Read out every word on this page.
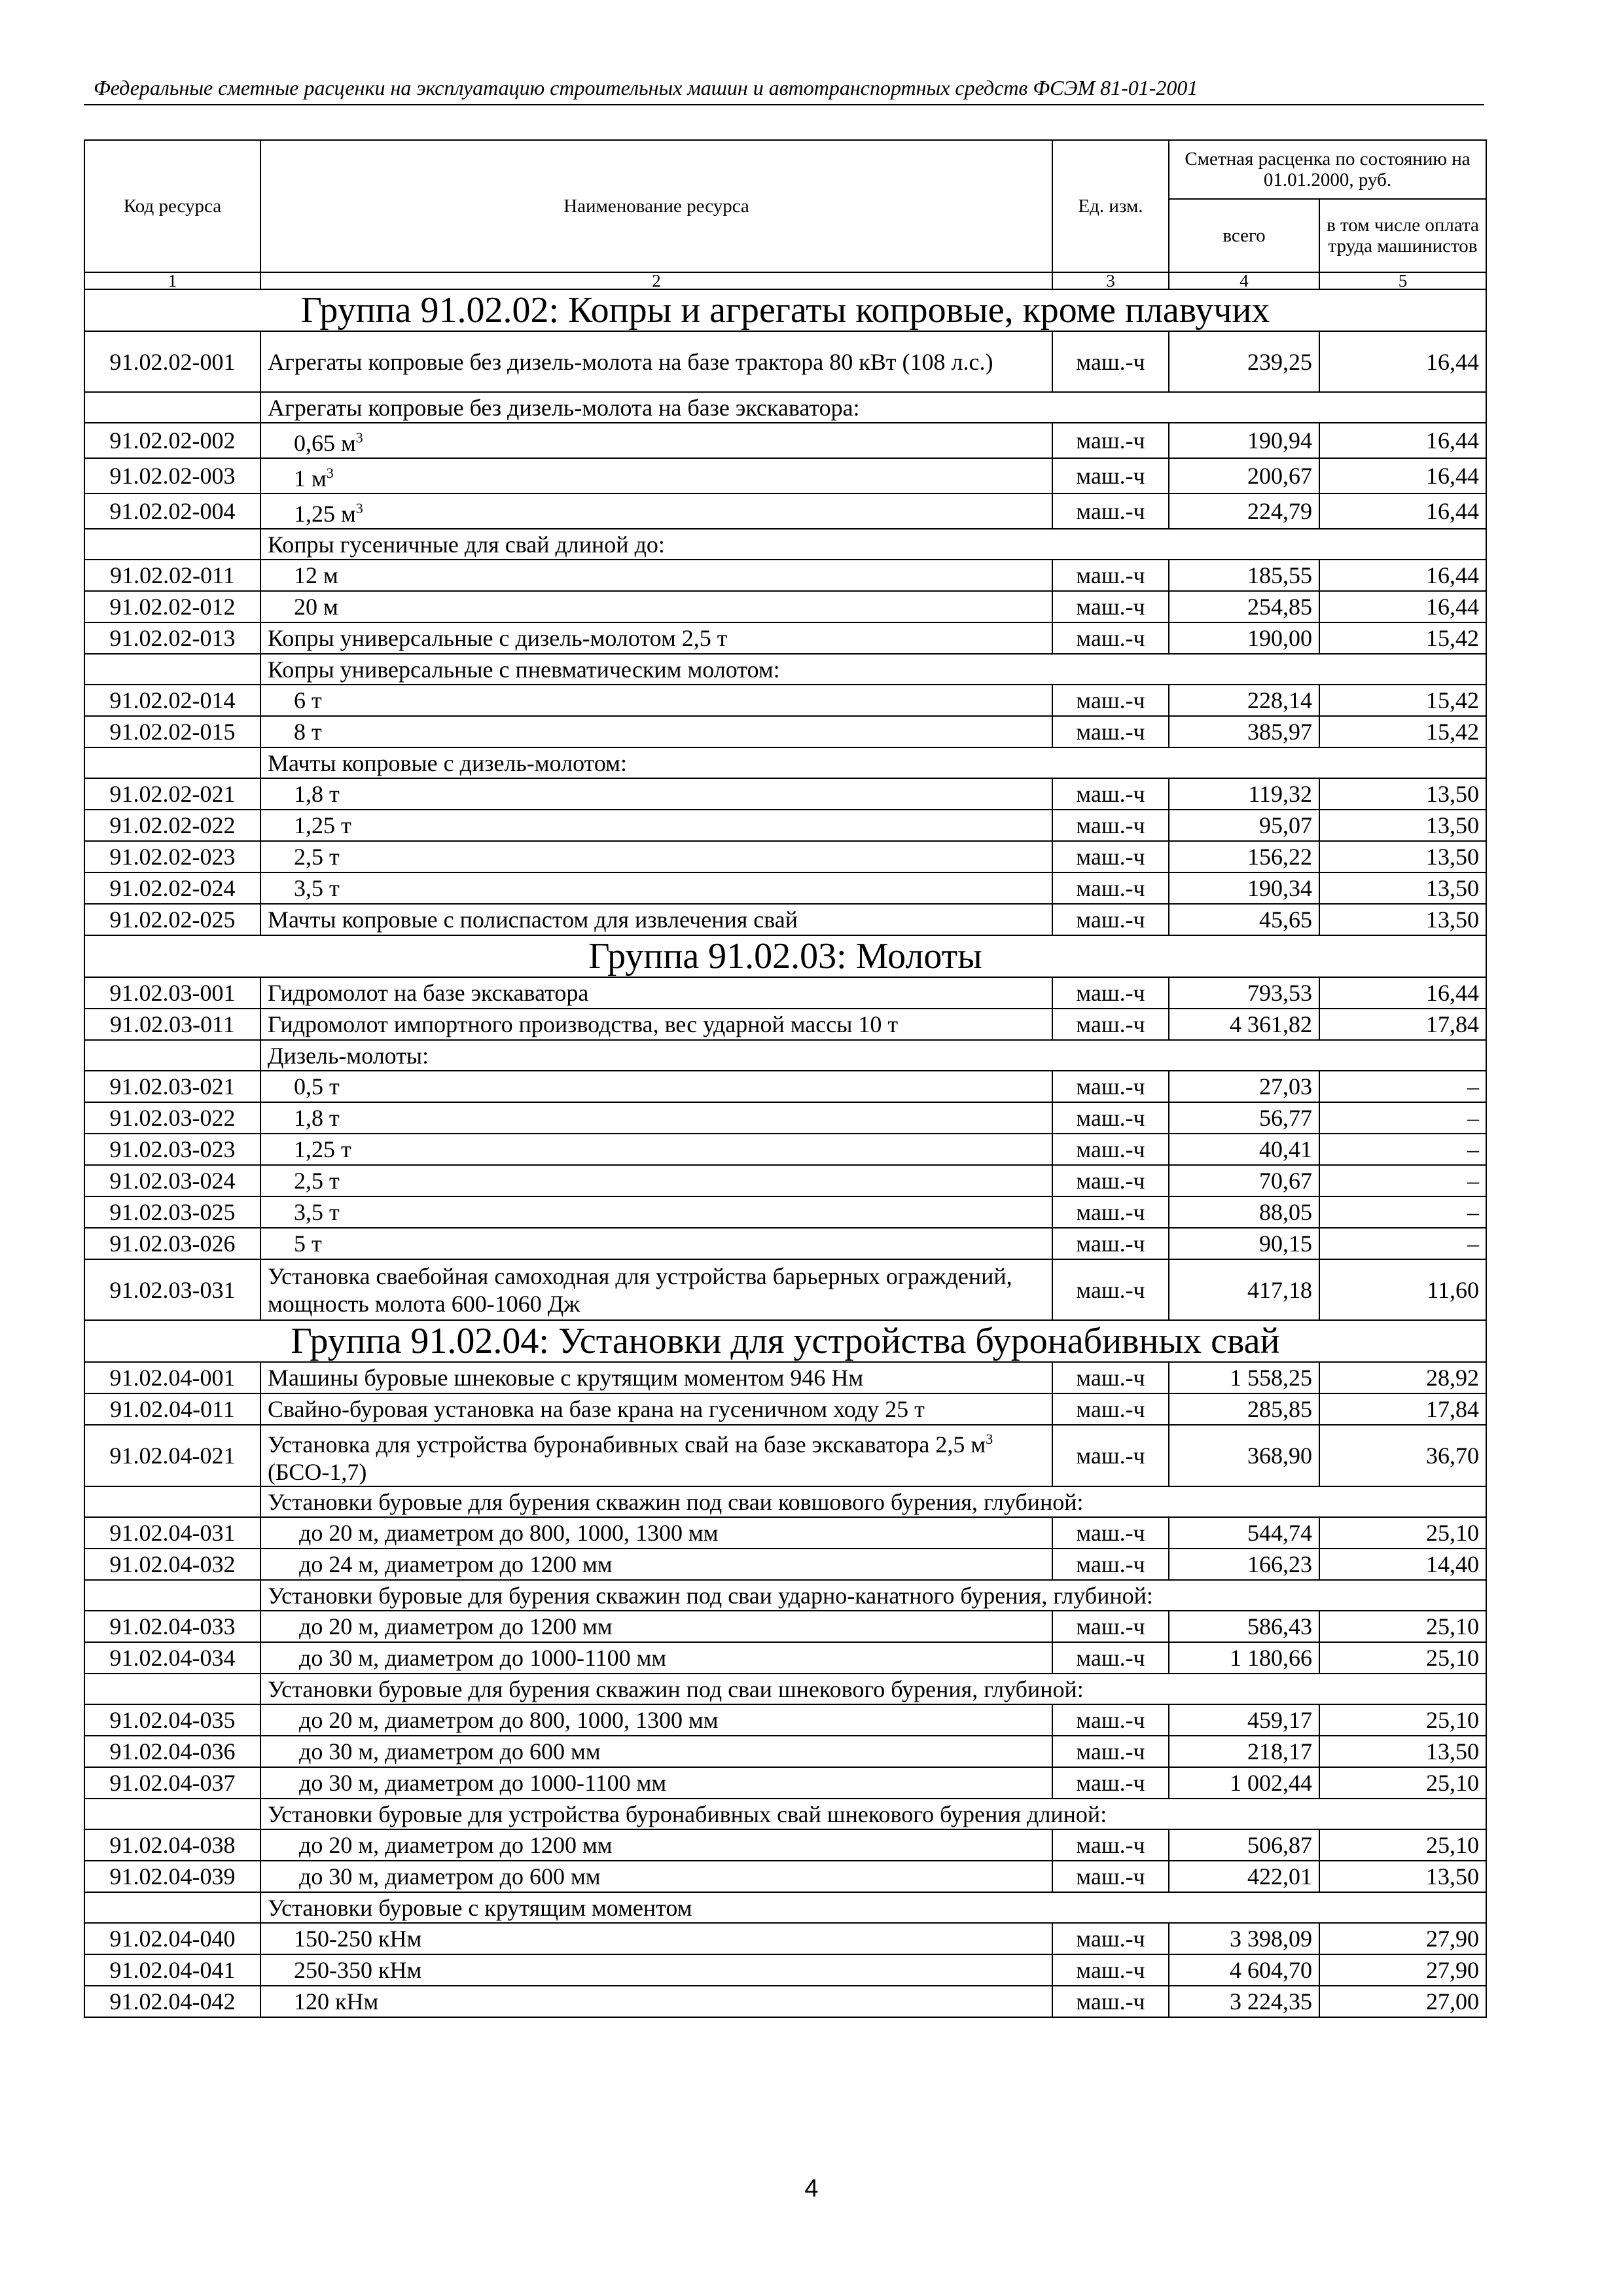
Федеральные сметные расценки на эксплуатацию строительных машин и автотранспортных средств ФСЭМ 81-01-2001
Код ресурса	Наименование ресурса	Ед. изм.	Сметная расценка по состоянию на 01.01.2000, руб.	
			всего	в том числе оплата труда машинистов
1	2	3	4	5
Группа 91.02.02: Копры и агрегаты копровые, кроме плавучих				
91.02.02-001	Агрегаты копровые без дизель-молота на базе трактора 80 кВт (108 л.с.)	маш.-ч	239,25	16,44
	Агрегаты копровые без дизель-молота на базе экскаватора:			
91.02.02-002	0,65 $м^3$	маш.-ч	190,94	16,44
91.02.02-003	1 $м^3$	маш.-ч	200,67	16,44
91.02.02-004	1,25 $м^3$	маш.-ч	224,79	16,44
	Копры гусеничные для свай длиной до:			
91.02.02-011	12 м	маш.-ч	185,55	16,44
91.02.02-012	20 м	маш.-ч	254,85	16,44
91.02.02-013	Копры универсальные с дизель-молотом 2,5 т	маш.-ч	190,00	15,42
	Копры универсальные с пневматическим молотом:			
91.02.02-014	6 т	маш.-ч	228,14	15,42
91.02.02-015	8 т	маш.-ч	385,97	15,42
	Мачты копровые с дизель-молотом:			
91.02.02-021	1,8 т	маш.-ч	119,32	13,50
91.02.02-022	1,25 т	маш.-ч	95,07	13,50
91.02.02-023	2,5 т	маш.-ч	156,22	13,50
91.02.02-024	3,5 т	маш.-ч	190,34	13,50
91.02.02-025	Мачты копровые с полиспастом для извлечения свай	маш.-ч	45,65	13,50
Группа 91.02.03: Молоты				
91.02.03-001	Гидромолот на базе экскаватора	маш.-ч	793,53	16,44
91.02.03-011	Гидромолот импортного производства, вес ударной массы 10 т	маш.-ч	4 361,82	17,84
	Дизель-молоты:			
91.02.03-021	0,5 т	маш.-ч	27,03	–
91.02.03-022	1,8 т	маш.-ч	56,77	–
91.02.03-023	1,25 т	маш.-ч	40,41	–
91.02.03-024	2,5 т	маш.-ч	70,67	–
91.02.03-025	3,5 т	маш.-ч	88,05	–
91.02.03-026	5 т	маш.-ч	90,15	–
91.02.03-031	Установка сваебойная самоходная для устройства барьерных ограждений, мощность молота 600-1060 Дж	маш.-ч	417,18	11,60
Группа 91.02.04: Установки для устройства буронабивных свай				
91.02.04-001	Машины буровые шнековые с крутящим моментом 946 Нм	маш.-ч	1 558,25	28,92
91.02.04-011	Свайно-буровая установка на базе крана на гусеничном ходу 25 т	маш.-ч	285,85	17,84
91.02.04-021	Установка для устройства буронабивных свай на базе экскаватора 2,5 $м^3$ (БСО-1,7)	маш.-ч	368,90	36,70
	Установки буровые для бурения скважин под сваи ковшового бурения, глубиной:			
91.02.04-031	до 20 м, диаметром до 800, 1000, 1300 мм	маш.-ч	544,74	25,10
91.02.04-032	до 24 м, диаметром до 1200 мм	маш.-ч	166,23	14,40
	Установки буровые для бурения скважин под сваи ударно-канатного бурения, глубиной:			
91.02.04-033	до 20 м, диаметром до 1200 мм	маш.-ч	586,43	25,10
91.02.04-034	до 30 м, диаметром до 1000-1100 мм	маш.-ч	1 180,66	25,10
	Установки буровые для бурения скважин под сваи шнекового бурения, глубиной:			
91.02.04-035	до 20 м, диаметром до 800, 1000, 1300 мм	маш.-ч	459,17	25,10
91.02.04-036	до 30 м, диаметром до 600 мм	маш.-ч	218,17	13,50
91.02.04-037	до 30 м, диаметром до 1000-1100 мм	маш.-ч	1 002,44	25,10
	Установки буровые для устройства буронабивных свай шнекового бурения длиной:			
91.02.04-038	до 20 м, диаметром до 1200 мм	маш.-ч	506,87	25,10
91.02.04-039	до 30 м, диаметром до 600 мм	маш.-ч	422,01	13,50
	Установки буровые с крутящим моментом			
91.02.04-040	150-250 кНм	маш.-ч	3 398,09	27,90
91.02.04-041	250-350 кНм	маш.-ч	4 604,70	27,90
91.02.04-042	120 кНм	маш.-ч	3 224,35	27,00
4
